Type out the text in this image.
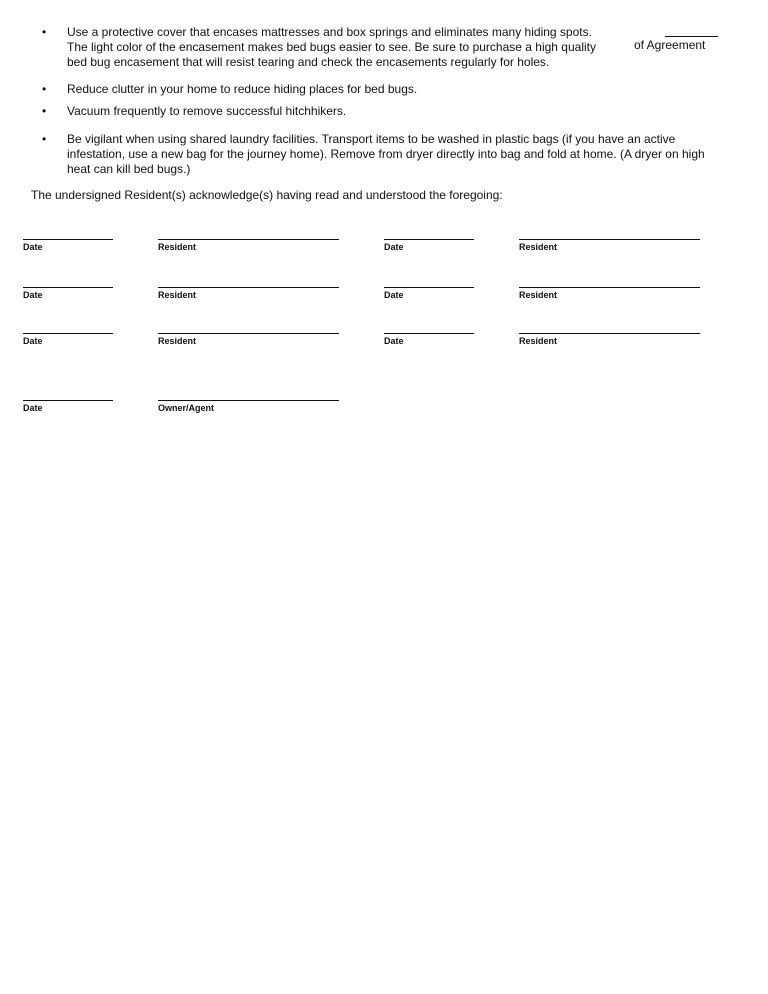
•	Use a protective cover that encases mattresses and box springs and eliminates many hiding spots.
The light color of the encasement makes bed bugs easier to see. Be sure to purchase a high quality
bed bug encasement that will resist tearing and check the encasements regularly for holes.
of Agreement
•	Reduce clutter in your home to reduce hiding places for bed bugs.
•	Vacuum frequently to remove successful hitchhikers.
•	Be vigilant when using shared laundry facilities. Transport items to be washed in plastic bags (if you have an active
infestation, use a new bag for the journey home). Remove from dryer directly into bag and fold at home. (A dryer on high
heat can kill bed bugs.)
The undersigned Resident(s) acknowledge(s) having read and understood the foregoing:
Date	Resident	Date	Resident
Date	Resident	Date	Resident
Date	Resident	Date	Resident
Date	Owner/Agent
